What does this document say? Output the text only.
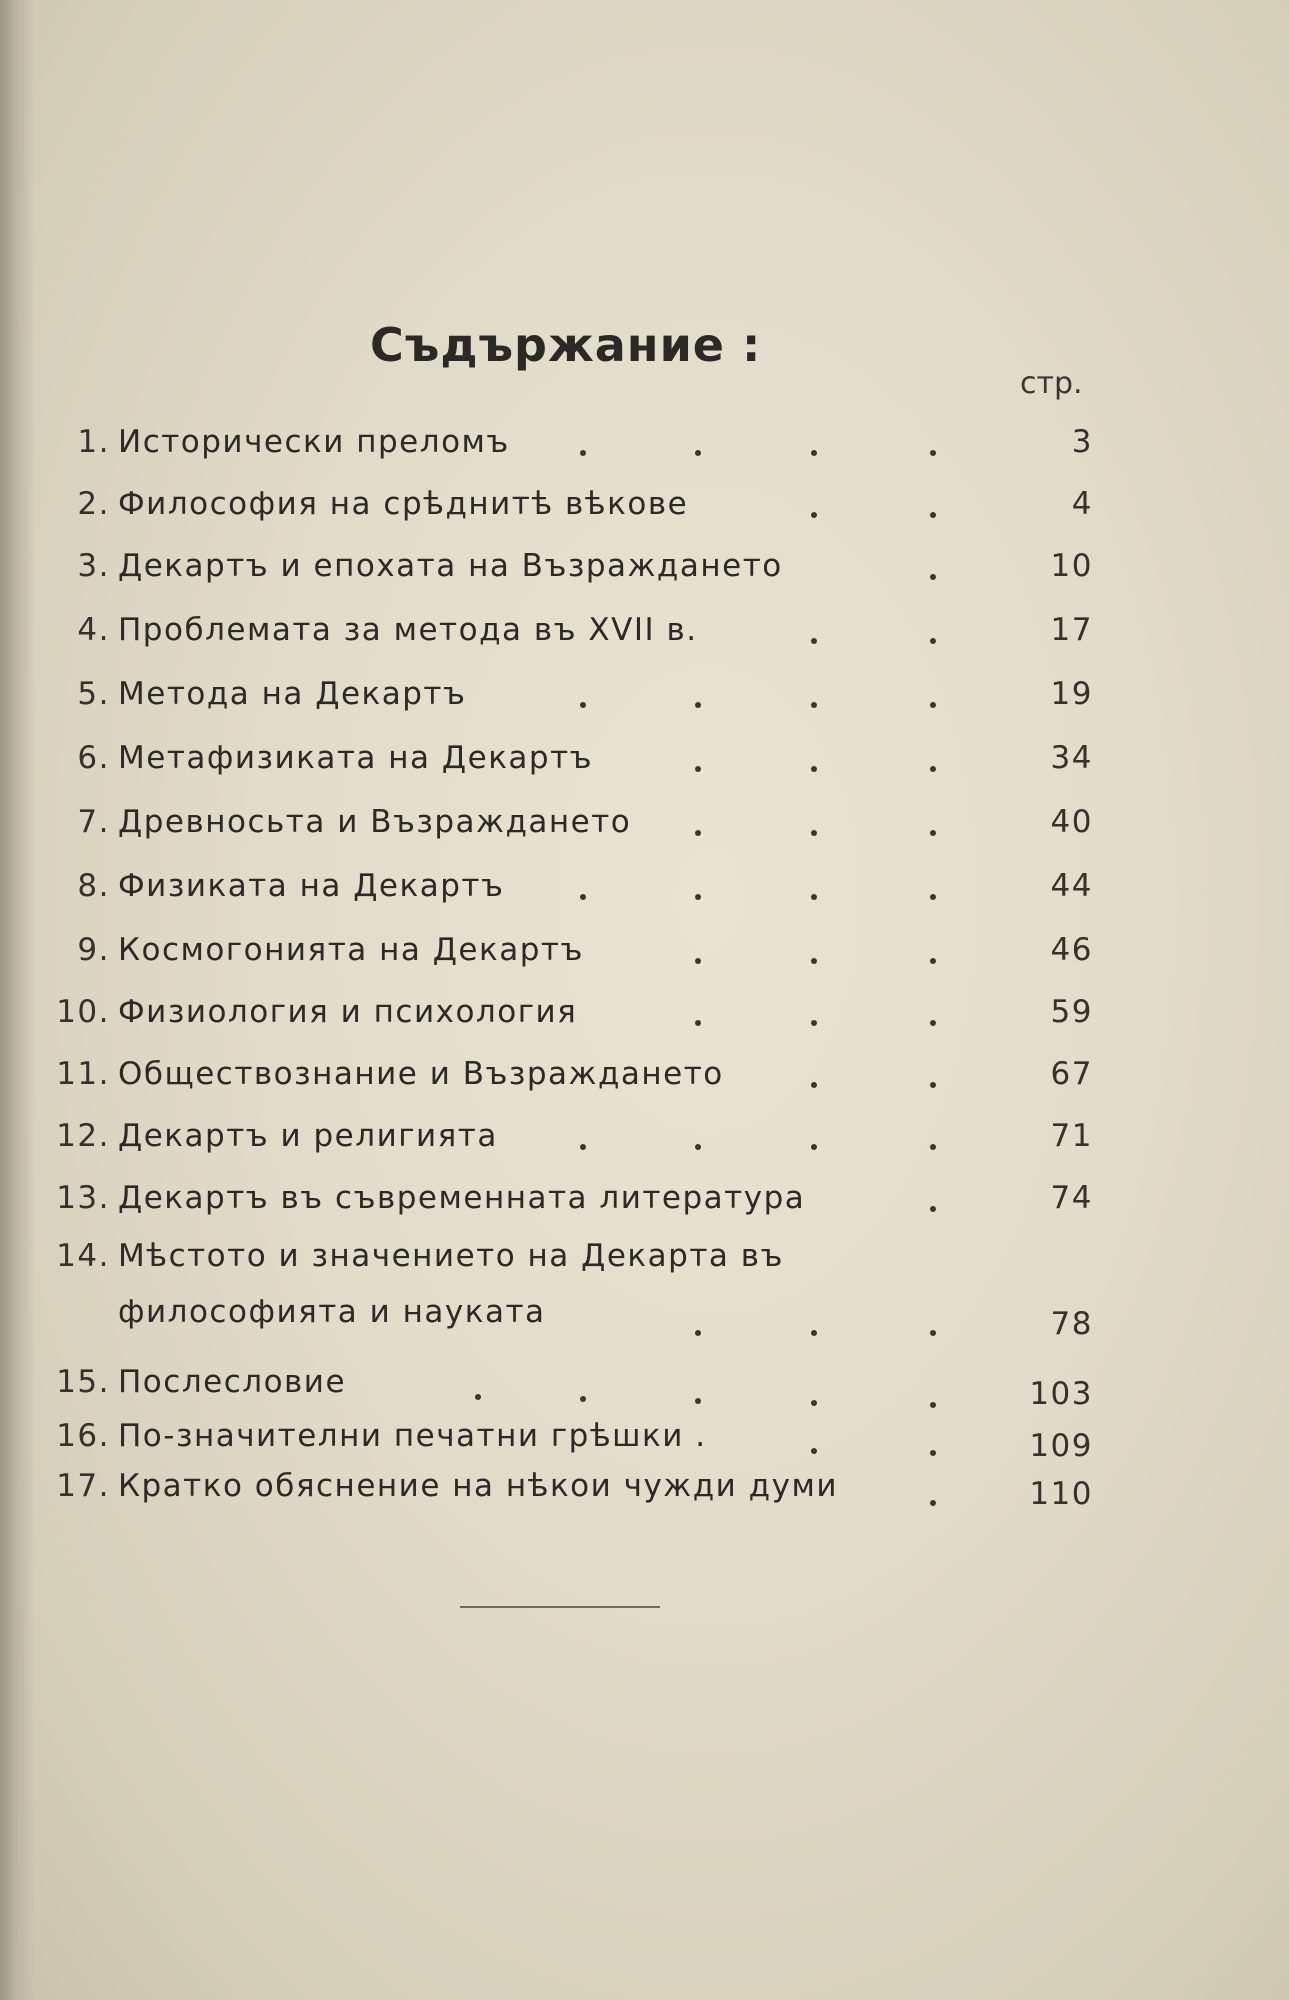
Съдържание :
стр.
1. Исторически преломъ	3
2. Философия на срѣднитѣ вѣкове	4
3. Декартъ и епохата на Възраждането	10
4. Проблемата за метода въ XVII в.	17
5. Метода на Декартъ	19
6. Метафизиката на Декартъ	34
7. Древносьта и Възраждането	40
8. Физиката на Декартъ	44
9. Космогонията на Декартъ	46
10. Физиология и психология	59
11. Обществознание и Възраждането	67
12. Декартъ и религията	71
13. Декартъ въ съвременната литература	74
14. Мѣстото и значението на Декарта въ
философията и науката	78
15. Послесловие	103
16. По-значителни печатни грѣшки .	109
17. Кратко обяснение на нѣкои чужди думи	110
